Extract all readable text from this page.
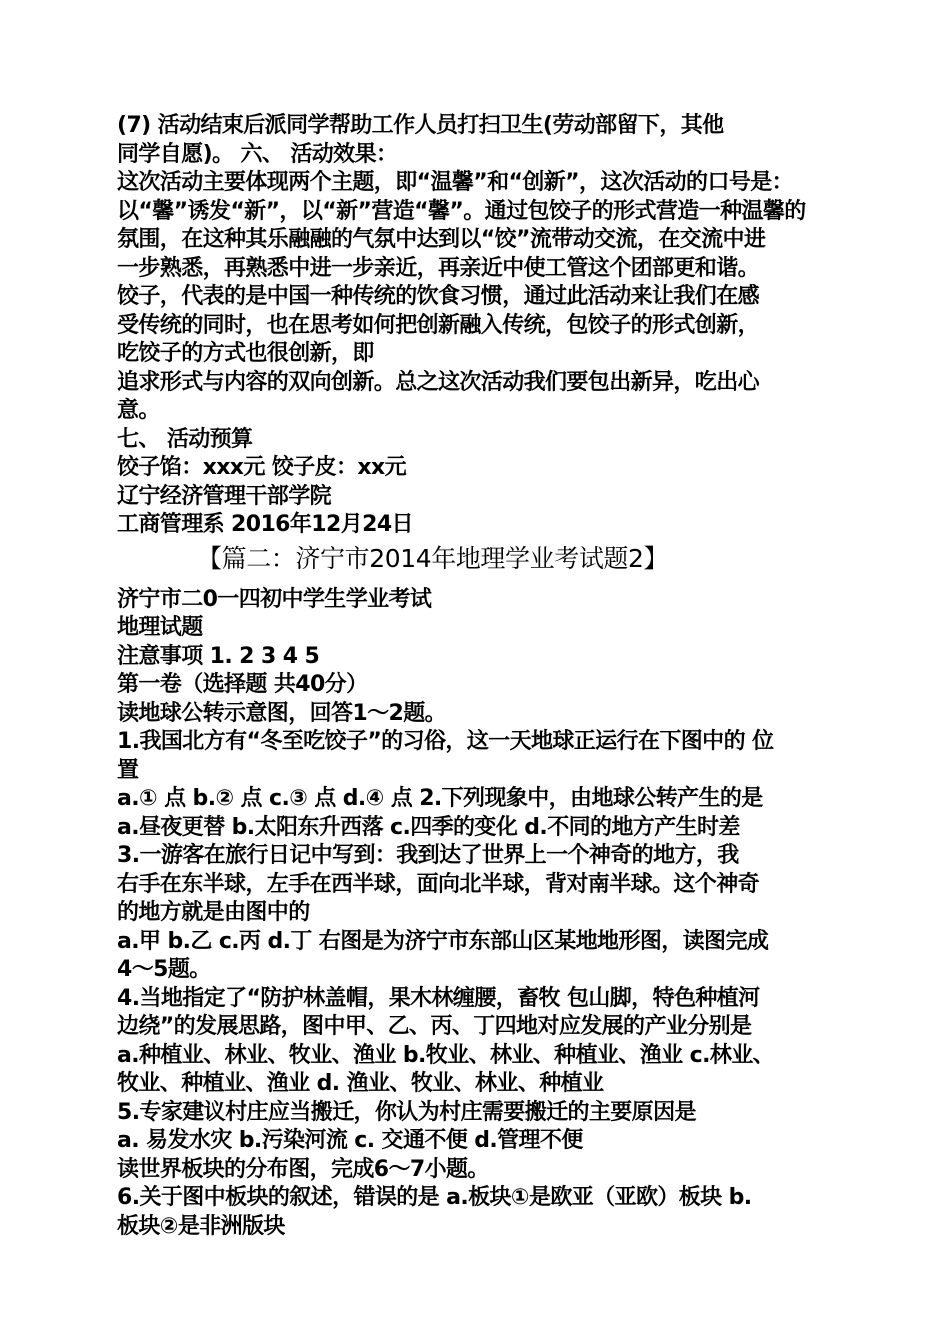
(7) 活动结束后派同学帮助工作人员打扫卫生(劳动部留下，其他
同学自愿)。 六、 活动效果：
这次活动主要体现两个主题，即“温馨”和“创新”，这次活动的口号是：
以“馨”诱发“新”，以“新”营造“馨”。通过包饺子的形式营造一种温馨的
氛围，在这种其乐融融的气氛中达到以“饺”流带动交流，在交流中进
一步熟悉，再熟悉中进一步亲近，再亲近中使工管这个团部更和谐。
饺子，代表的是中国一种传统的饮食习惯，通过此活动来让我们在感
受传统的同时，也在思考如何把创新融入传统，包饺子的形式创新，
吃饺子的方式也很创新，即
追求形式与内容的双向创新。总之这次活动我们要包出新异，吃出心
意。
七、 活动预算
饺子馅：xxx元 饺子皮：xx元
辽宁经济管理干部学院
工商管理系 2016年12月24日
【篇二：济宁市2014年地理学业考试题2】
济宁市二0一四初中学生学业考试
地理试题
注意事项 1. 2 3 4 5
第一卷（选择题 共40分）
读地球公转示意图，回答1～2题。
1.我国北方有“冬至吃饺子”的习俗，这一天地球正运行在下图中的 位
置
a.① 点 b.② 点 c.③ 点 d.④ 点 2.下列现象中，由地球公转产生的是
a.昼夜更替 b.太阳东升西落 c.四季的变化 d.不同的地方产生时差
3.一游客在旅行日记中写到：我到达了世界上一个神奇的地方，我
右手在东半球，左手在西半球，面向北半球，背对南半球。这个神奇
的地方就是由图中的
a.甲 b.乙 c.丙 d.丁 右图是为济宁市东部山区某地地形图，读图完成
4～5题。
4.当地指定了“防护林盖帽，果木林缠腰，畜牧 包山脚，特色种植河
边绕”的发展思路，图中甲、乙、丙、丁四地对应发展的产业分别是
a.种植业、林业、牧业、渔业 b.牧业、林业、种植业、渔业 c.林业、
牧业、种植业、渔业 d. 渔业、牧业、林业、种植业
5.专家建议村庄应当搬迁，你认为村庄需要搬迁的主要原因是
a. 易发水灾 b.污染河流 c. 交通不便 d.管理不便
读世界板块的分布图，完成6～7小题。
6.关于图中板块的叙述，错误的是 a.板块①是欧亚（亚欧）板块 b.
板块②是非洲版块
